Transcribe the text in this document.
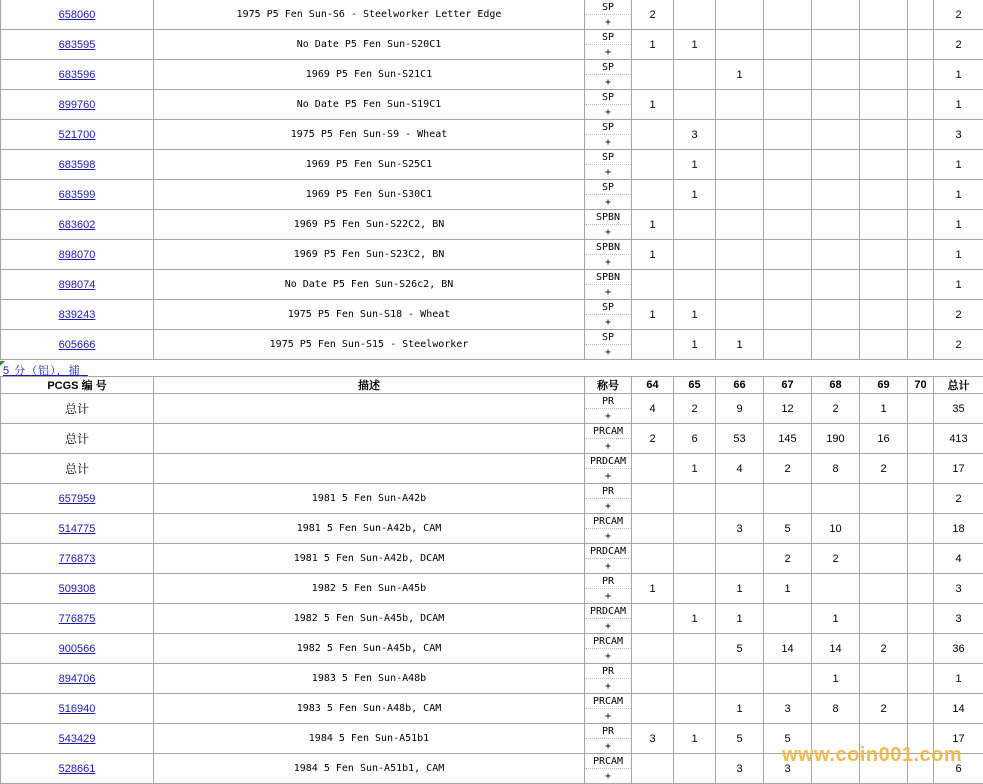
658060	1975 P5 Fen Sun-S6 - Steelworker Letter Edge	SP
+	2							2
683595	No Date P5 Fen Sun-S20C1	SP
+	1	1						2
683596	1969 P5 Fen Sun-S21C1	SP
+			1					1
899760	No Date P5 Fen Sun-S19C1	SP
+	1							1
521700	1975 P5 Fen Sun-S9 - Wheat	SP
+		3						3
683598	1969 P5 Fen Sun-S25C1	SP
+		1						1
683599	1969 P5 Fen Sun-S30C1	SP
+		1						1
683602	1969 P5 Fen Sun-S22C2, BN	SPBN
+	1							1
898070	1969 P5 Fen Sun-S23C2, BN	SPBN
+	1							1
898074	No Date P5 Fen Sun-S26c2, BN	SPBN
+								1
839243	1975 P5 Fen Sun-S18 - Wheat	SP
+	1	1						2
605666	1975 P5 Fen Sun-S15 - Steelworker	SP
+		1	1					2
5 分（铝），捕_
PCGS 编 号	描述	称号	64	65	66	67	68	69	70	总计
总计		PR
+	4	2	9	12	2	1		35
总计		PRCAM
+	2	6	53	145	190	16		413
总计		PRDCAM
+		1	4	2	8	2		17
657959	1981 5 Fen Sun-A42b	PR
+								2
514775	1981 5 Fen Sun-A42b, CAM	PRCAM
+			3	5	10			18
776873	1981 5 Fen Sun-A42b, DCAM	PRDCAM
+				2	2			4
509308	1982 5 Fen Sun-A45b	PR
+	1		1	1				3
776875	1982 5 Fen Sun-A45b, DCAM	PRDCAM
+		1	1		1			3
900566	1982 5 Fen Sun-A45b, CAM	PRCAM
+			5	14	14	2		36
894706	1983 5 Fen Sun-A48b	PR
+					1			1
516940	1983 5 Fen Sun-A48b, CAM	PRCAM
+			1	3	8	2		14
543429	1984 5 Fen Sun-A51b1	PR
+	3	1	5	5				17
528661	1984 5 Fen Sun-A51b1, CAM	PRCAM
+			3	3				6
www.coin001.com
